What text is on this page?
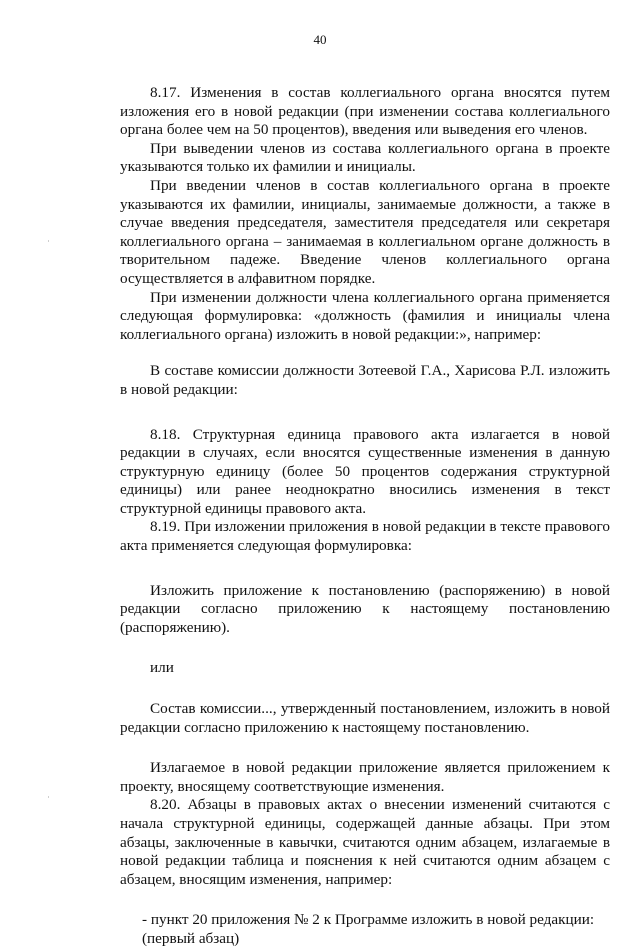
40

8.17. Изменения в состав коллегиального органа вносятся путем изложения его в новой редакции (при изменении состава коллегиального органа более чем на 50 процентов), введения или выведения его членов.

При выведении членов из состава коллегиального органа в проекте указываются только их фамилии и инициалы.

При введении членов в состав коллегиального органа в проекте указываются их фамилии, инициалы, занимаемые должности, а также в случае введения председателя, заместителя председателя или секретаря коллегиального органа – занимаемая в коллегиальном органе должность в творительном падеже. Введение членов коллегиального органа осуществляется в алфавитном порядке.

При изменении должности члена коллегиального органа применяется следующая формулировка: «должность (фамилия и инициалы члена коллегиального органа) изложить в новой редакции:», например:

В составе комиссии должности Зотеевой Г.А., Харисова Р.Л. изложить в новой редакции:

8.18. Структурная единица правового акта излагается в новой редакции в случаях, если вносятся существенные изменения в данную структурную единицу (более 50 процентов содержания структурной единицы) или ранее неоднократно вносились изменения в текст структурной единицы правового акта.

8.19. При изложении приложения в новой редакции в тексте правового акта применяется следующая формулировка:

Изложить приложение к постановлению (распоряжению) в новой редакции согласно приложению к настоящему постановлению (распоряжению).

или

Состав комиссии..., утвержденный постановлением, изложить в новой редакции согласно приложению к настоящему постановлению.

Излагаемое в новой редакции приложение является приложением к проекту, вносящему соответствующие изменения.

8.20. Абзацы в правовых актах о внесении изменений считаются с начала структурной единицы, содержащей данные абзацы. При этом абзацы, заключенные в кавычки, считаются одним абзацем, излагаемые в новой редакции таблица и пояснения к ней считаются одним абзацем с абзацем, вносящим изменения, например:

- пункт 20 приложения № 2 к Программе изложить в новой редакции:

(первый абзац)
